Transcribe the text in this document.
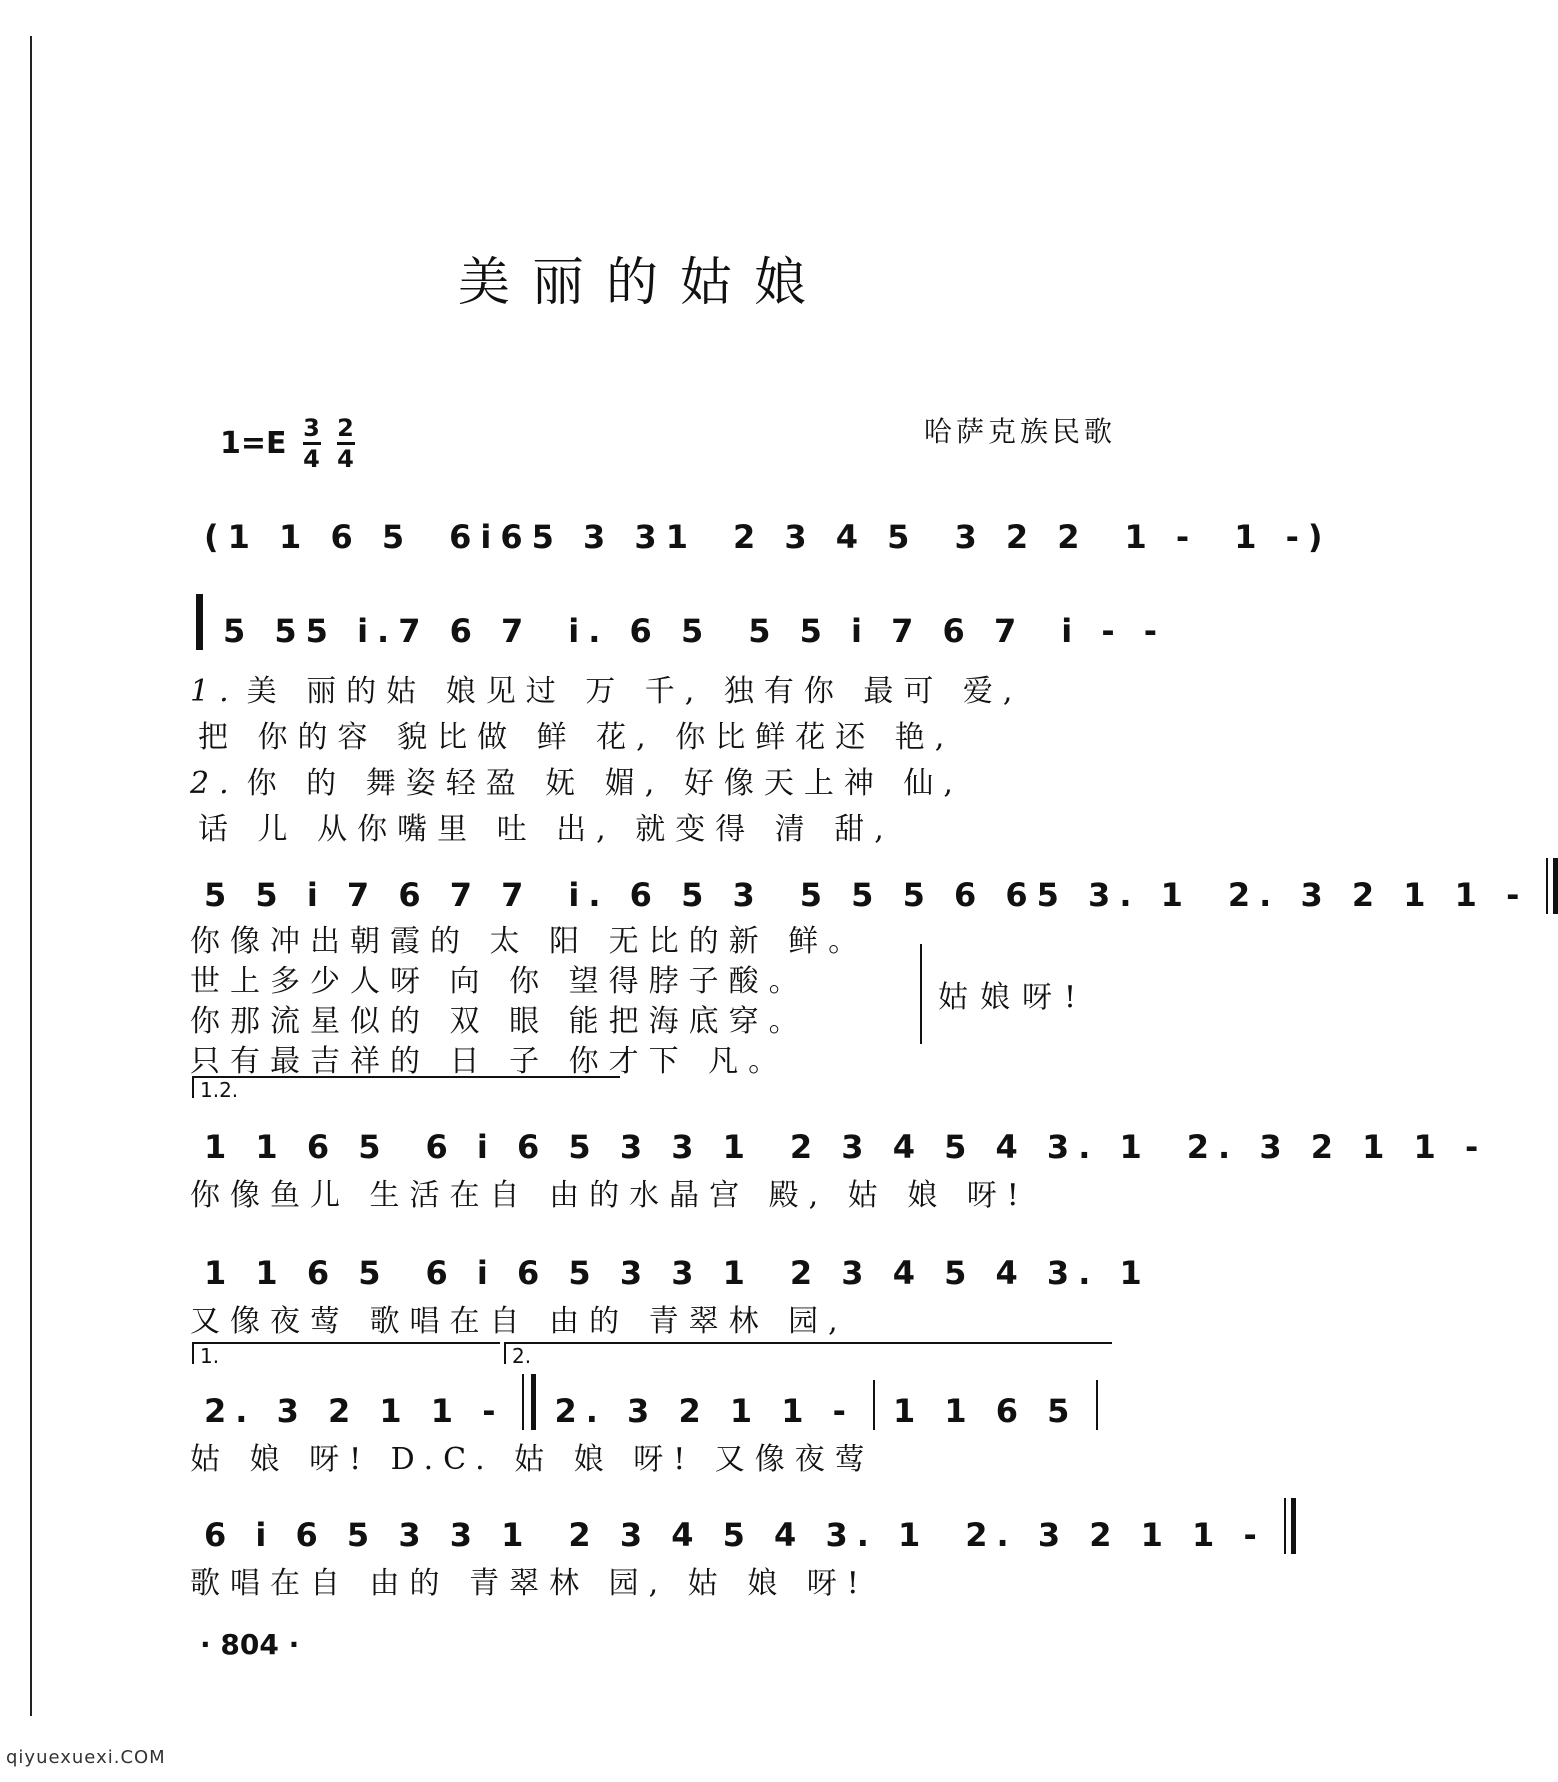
美丽的姑娘
$1=E \frac{3}{4} \frac{2}{4}$	哈萨克族民歌
(1 1 6 5	6i65 3 31	2 3 4 5	3 2 2	1 -	1 -)
5 55 i.7 6 7	i. 6 5	5 5 i 7 6 7	i - -
1. 美 丽的姑 娘见过 万 千, 独有你 最可 爱,
把 你的容 貌比做 鲜 花, 你比鲜花还 艳,
2. 你 的 舞姿轻盈 妩 媚, 好像天上神 仙,
话 儿 从你嘴里 吐 出, 就变得 清 甜,
5 5 i 7 6 7 7	i. 6 5 3	5 5 5 6 65 3. 1	2. 3 2 1 1 -
你像冲出朝霞的 太 阳 无比的新 鲜。
世上多少人呀 向 你 望得脖子酸。
你那流星似的 双 眼 能把海底穿。
只有最吉祥的 日 子 你才下 凡。
姑娘呀!
1.2.
1 1 6 5	6 i 6 5 3 3 1	2 3 4 5 4 3. 1	2. 3 2 1 1 -
你像鱼儿 生活在自 由的水晶宫 殿, 姑 娘 呀!
1 1 6 5	6 i 6 5 3 3 1	2 3 4 5 4 3. 1
又像夜莺 歌唱在自 由的 青翠林 园,
1.	2.
2. 3 2 1 1 -	2. 3 2 1 1 -	1 1 6 5
姑 娘 呀! D.C. 姑 娘 呀! 又像夜莺
6 i 6 5 3 3 1	2 3 4 5 4 3. 1	2. 3 2 1 1 -
歌唱在自 由的 青翠林 园, 姑 娘 呀!
· 804 ·
qiyuexuexi.COM
